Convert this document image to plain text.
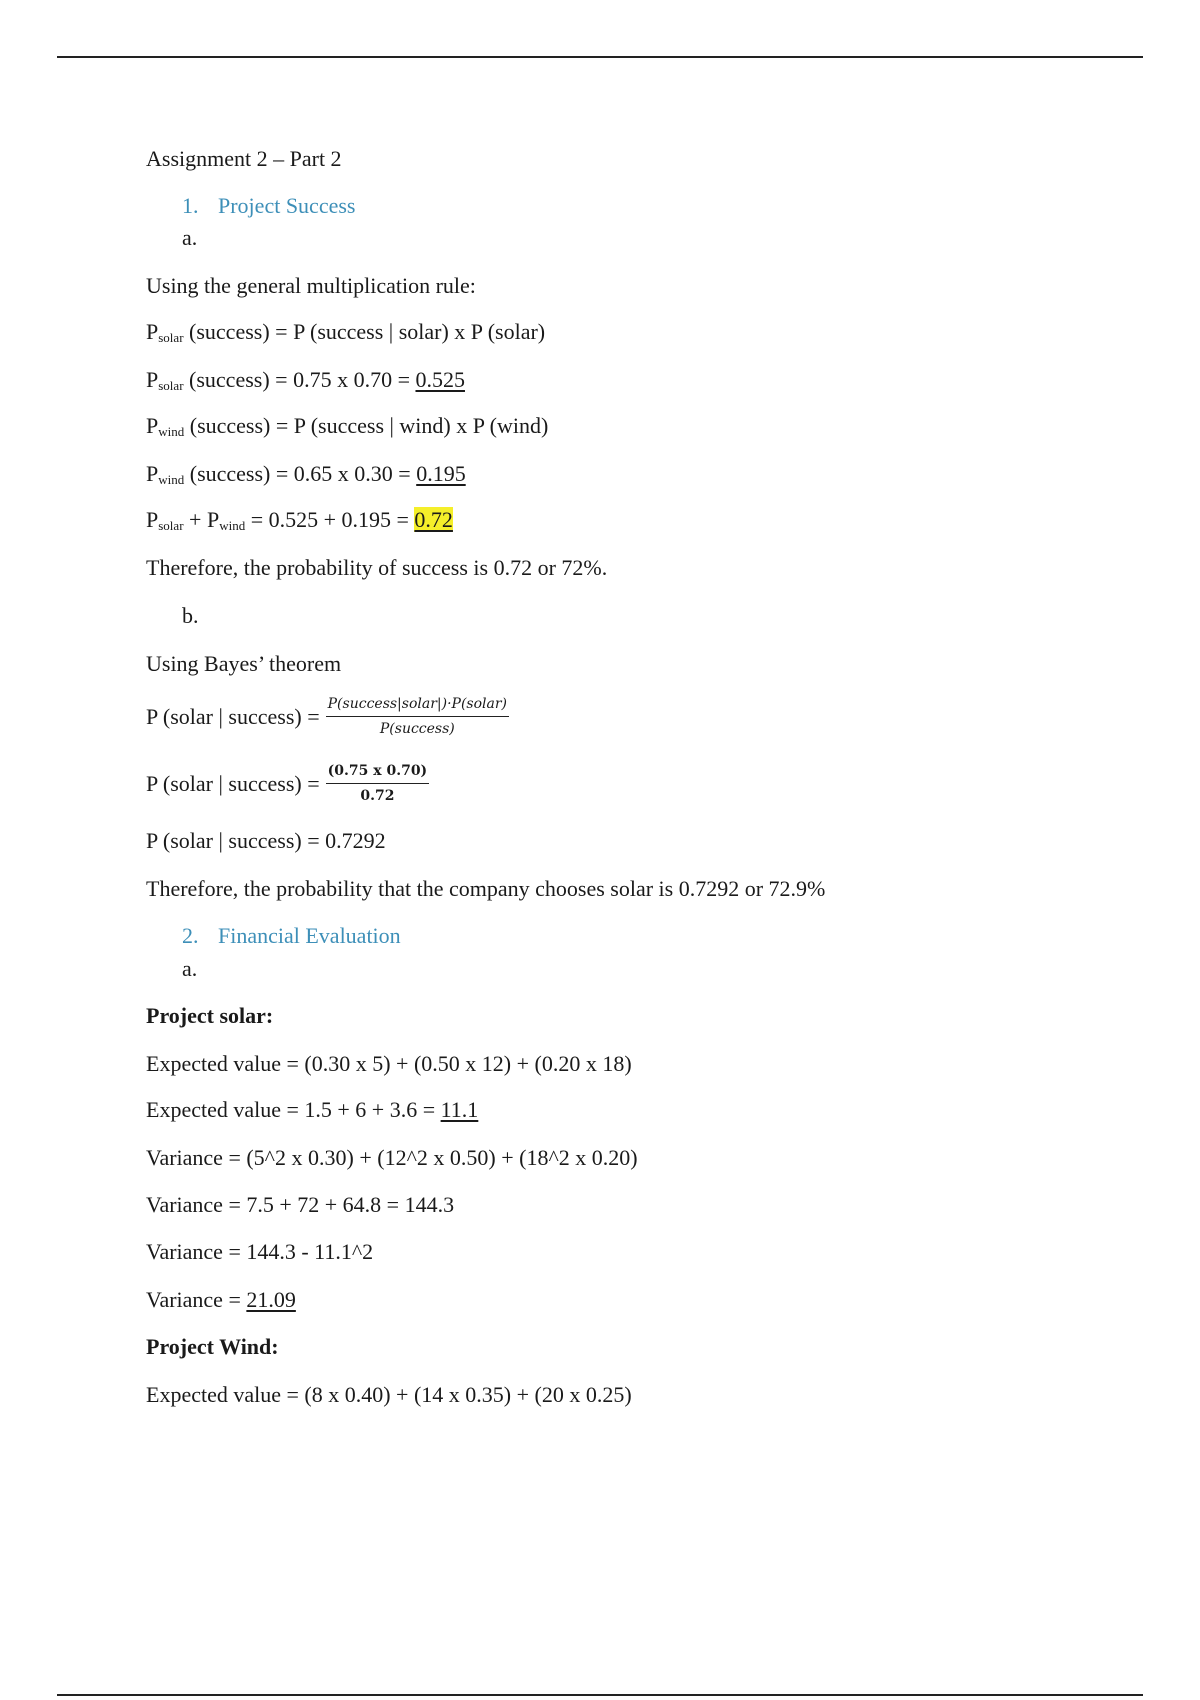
Assignment 2 – Part 2
1. Project Success
a.
Using the general multiplication rule:
$P_{solar}$ (success) = P (success | solar) x P (solar)
$P_{solar}$ (success) = 0.75 x 0.70 = 0.525
$P_{wind}$ (success) = P (success | wind) x P (wind)
$P_{wind}$ (success) = 0.65 x 0.30 = 0.195
$P_{solar} + P_{wind} = 0.525 + 0.195 = 0.72$
Therefore, the probability of success is 0.72 or 72%.
b.
Using Bayes’ theorem
P (solar | success) = $\frac{\text{P(success|solar|)·P(solar)}}{\text{P(success)}}$
P (solar | success) = $\frac{(0.75 x 0.70)}{0.72}$
P (solar | success) = 0.7292
Therefore, the probability that the company chooses solar is 0.7292 or 72.9%
2. Financial Evaluation
a.
Project solar:
Expected value = (0.30 x 5) + (0.50 x 12) + (0.20 x 18)
Expected value = 1.5 + 6 + 3.6 = 11.1
Variance = (5^2 x 0.30) + (12^2 x 0.50) + (18^2 x 0.20)
Variance = 7.5 + 72 + 64.8 = 144.3
Variance = 144.3 - 11.1^2
Variance = 21.09
Project Wind:
Expected value = (8 x 0.40) + (14 x 0.35) + (20 x 0.25)
